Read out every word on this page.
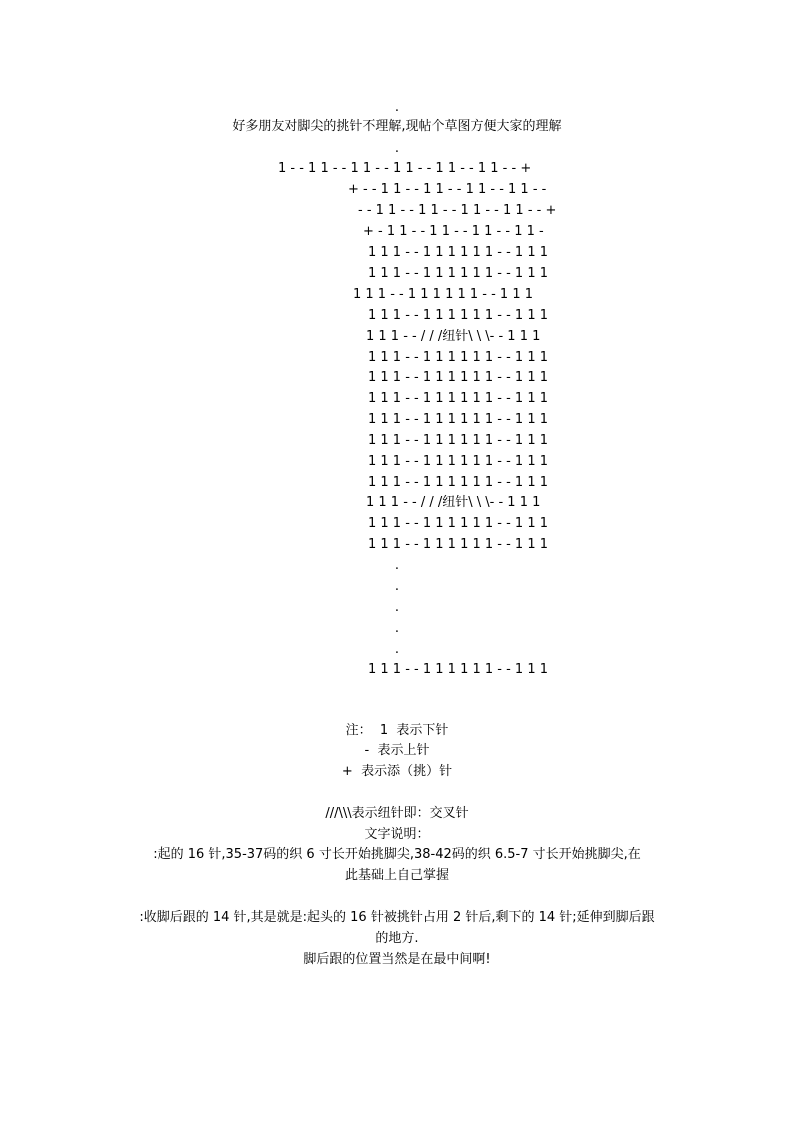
.
好多朋友对脚尖的挑针不理解,现帖个草图方便大家的理解
.
1 - - 1 1 - - 1 1 - - 1 1 - - 1 1 - - 1 1 - - +
+ - - 1 1 - - 1 1 - - 1 1 - - 1 1 - -
- - 1 1 - - 1 1 - - 1 1 - - 1 1 - - +
+ - 1 1 - - 1 1 - - 1 1 - - 1 1 -
1 1 1 - - 1 1 1 1 1 1 - - 1 1 1
1 1 1 - - 1 1 1 1 1 1 - - 1 1 1
1 1 1 - - 1 1 1 1 1 1 - - 1 1 1
1 1 1 - - 1 1 1 1 1 1 - - 1 1 1
1 1 1 - - / / /纽针\ \ \- - 1 1 1
1 1 1 - - 1 1 1 1 1 1 - - 1 1 1
1 1 1 - - 1 1 1 1 1 1 - - 1 1 1
1 1 1 - - 1 1 1 1 1 1 - - 1 1 1
1 1 1 - - 1 1 1 1 1 1 - - 1 1 1
1 1 1 - - 1 1 1 1 1 1 - - 1 1 1
1 1 1 - - 1 1 1 1 1 1 - - 1 1 1
1 1 1 - - 1 1 1 1 1 1 - - 1 1 1
1 1 1 - - / / /纽针\ \ \- - 1 1 1
1 1 1 - - 1 1 1 1 1 1 - - 1 1 1
1 1 1 - - 1 1 1 1 1 1 - - 1 1 1
.
.
.
.
.
1 1 1 - - 1 1 1 1 1 1 - - 1 1 1
注：  1  表示下针
-  表示上针
+  表示添（挑）针
///\\\表示纽针即：交叉针
文字说明：
:起的 16 针,35-37码的织 6 寸长开始挑脚尖,38-42码的织 6.5-7 寸长开始挑脚尖,在
此基础上自己掌握
:收脚后跟的 14 针,其是就是:起头的 16 针被挑针占用 2 针后,剩下的 14 针;延伸到脚后跟
的地方.
脚后跟的位置当然是在最中间啊!
